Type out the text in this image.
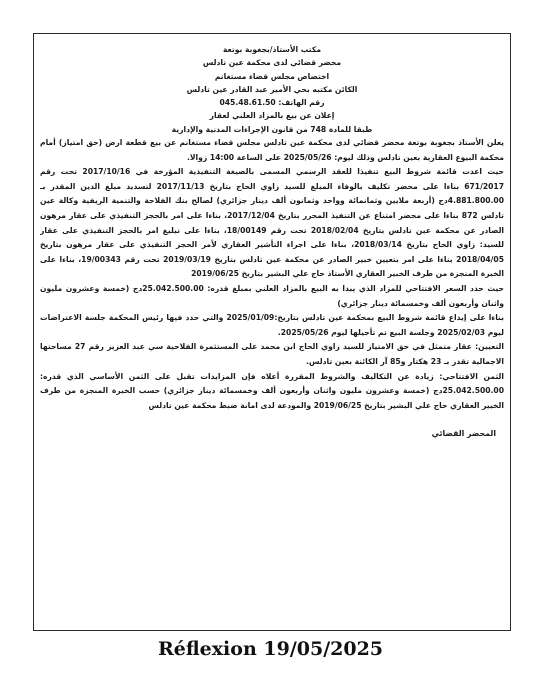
مكتب الأستاذ/بجغوبة بوتعة

محضر قضائي لدى محكمة عين تادلس

اختصاص مجلس قضاء مستغانم

الكائن مكتبه بحي الأمير عبد القادر عين تادلس

رقم الهاتف: 045.48.61.50

إعلان عن بيع بالمزاد العلني لعقار

طبقا للمادة 748 من قانون الإجراءات المدنية والإدارية

يعلن الأستاذ بجغوبة بوتعة محضر قضائي لدى محكمة عين تادلس مجلس قضاء مستغانم عن بيع قطعة ارض (حق امتياز) أمام محكمة البيوع العقارية بعين تادلس وذلك ليوم: 2025/05/26 على الساعة 14:00 زوالا.

حيث اعدت قائمة شروط البيع تنفيذا للعقد الرسمي المسمى بالصيغة التنفيذية المؤرخة في 2017/10/16 تحت رقم 671/2017 بناءا على محضر تكليف بالوفاء المبلغ للسيد زاوي الحاج بتاريخ 2017/11/13 لتسديد مبلغ الدين المقدر بـ 4.881.800.00دج (أربعة ملايين وثمانمائة وواحد وثمانون ألف دينار جزائري) لصالح بنك الفلاحة والتنمية الريفية وكالة عين تادلس 872 بناءا على محضر امتناع عن التنفيذ المحرر بتاريخ 2017/12/04، بناءا على امر بالحجز التنفيذي على عقار مرهون الصادر عن محكمة عين تادلس بتاريخ 2018/02/04 تحت رقم 18/00149، بناءا على تبليغ امر بالحجز التنفيذي على عقار للسيد: زاوي الحاج بتاريخ 2018/03/14، بناءا على اجراء التأشير العقاري لأمر الحجز التنفيذي على عقار مرهون بتاريخ 2018/04/05 بناءا على امر بتعيين خبير الصادر عن محكمة عين تادلس بتاريخ 2019/03/19 تحت رقم 19/00343، بناءا على الخبرة المنجزة من طرف الخبير العقاري الأستاذ حاج علي البشير بتاريخ 2019/06/25

حيث حدد السعر الافتتاحي للمزاد الذي يبدا به البيع بالمزاد العلني بمبلغ قدره: 25.042.500.00دج (خمسة وعشرون مليون واثنان وأربعون ألف وخمسمائة دينار جزائري)

بناءا على إيداع قائمة شروط البيع بمحكمة عين تادلس بتاريخ:2025/01/09 والتي حدد فيها رئيس المحكمة جلسة الاعتراضات ليوم 2025/02/03 وجلسة البيع تم تأجيلها ليوم 2025/05/26.

التعيين: عقار متمثل في حق الامتياز للسيد زاوي الحاج ابن محمد على المستثمرة الفلاحية سي عبد العزيز رقم 27 مساحتها الاجمالية تقدر بـ 23 هكتار و85 آر الكائنة بعين تادلس.

الثمن الافتتاحي: زيادة عن التكاليف والشروط المقررة أعلاه فإن المزايدات تقبل على الثمن الأساسي الذي قدره: 25.042.500.00دج (خمسة وعشرون مليون واثنان وأربعون ألف وخمسمائة دينار جزائري) حسب الخبرة المنجزة من طرف الخبير العقاري حاج علي البشير بتاريخ 2019/06/25 والمودعة لدى امانة ضبط محكمة عين تادلس

المحضر القضائي

Réflexion 19/05/2025
